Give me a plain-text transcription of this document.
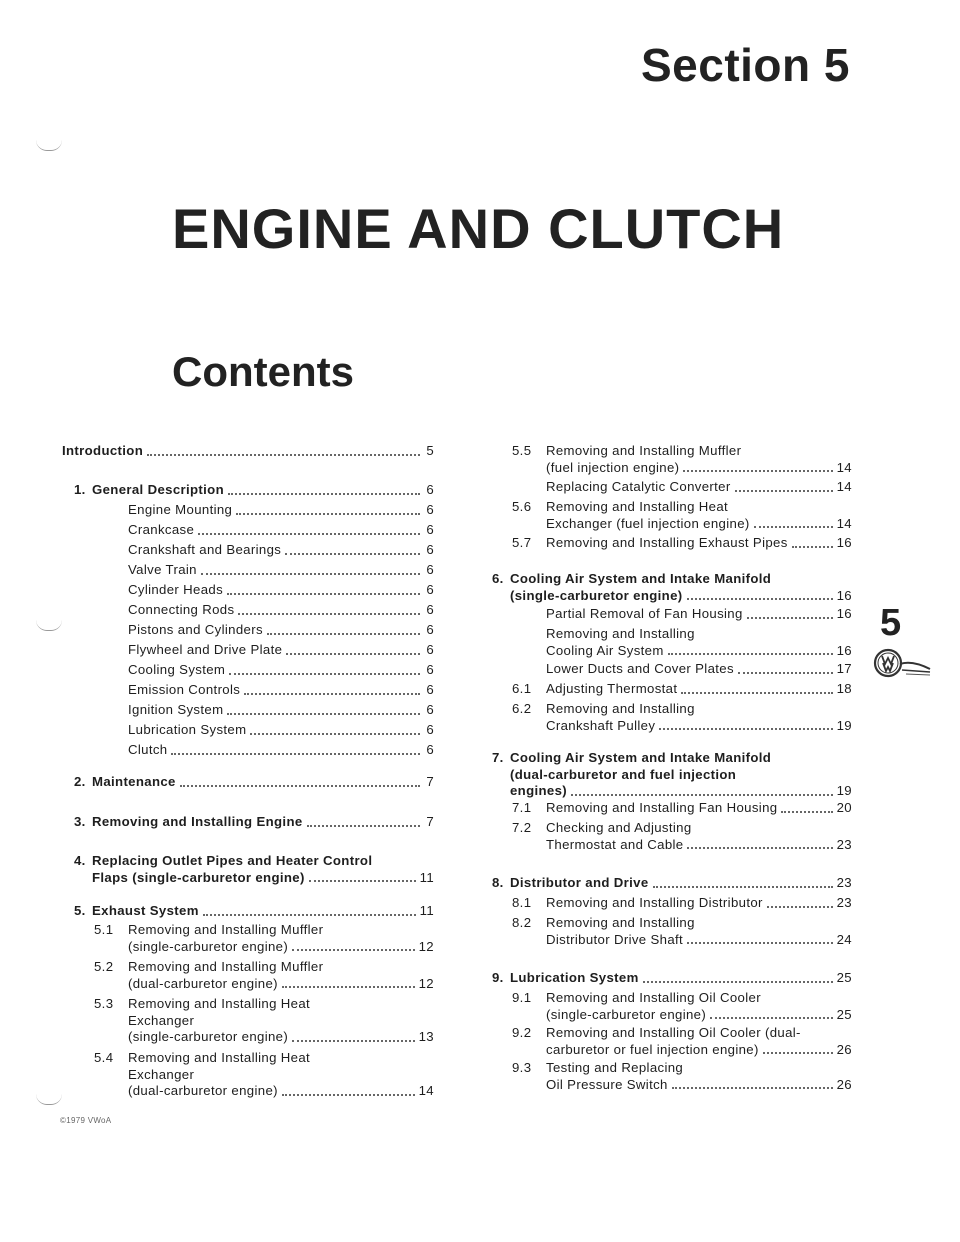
Section 5
ENGINE AND CLUTCH
Contents
Introduction	5
1. General Description	6
Engine Mounting	6
Crankcase	6
Crankshaft and Bearings	6
Valve Train	6
Cylinder Heads	6
Connecting Rods	6
Pistons and Cylinders	6
Flywheel and Drive Plate	6
Cooling System	6
Emission Controls	6
Ignition System	6
Lubrication System	6
Clutch	6
2. Maintenance	7
3. Removing and Installing Engine	7
4. Replacing Outlet Pipes and Heater Control
Flaps (single-carburetor engine)	11
5. Exhaust System	11
5.1 Removing and Installing Muffler
(single-carburetor engine)	12
5.2 Removing and Installing Muffler
(dual-carburetor engine)	12
5.3 Removing and Installing Heat
Exchanger
(single-carburetor engine)	13
5.4 Removing and Installing Heat
Exchanger
(dual-carburetor engine)	14
5.5 Removing and Installing Muffler
(fuel injection engine)	14
Replacing Catalytic Converter	14
5.6 Removing and Installing Heat
Exchanger (fuel injection engine)	14
5.7 Removing and Installing Exhaust Pipes	16
6. Cooling Air System and Intake Manifold
(single-carburetor engine)	16
Partial Removal of Fan Housing	16
Removing and Installing
Cooling Air System	16
Lower Ducts and Cover Plates	17
6.1 Adjusting Thermostat	18
6.2 Removing and Installing
Crankshaft Pulley	19
7. Cooling Air System and Intake Manifold
(dual-carburetor and fuel injection
engines)	19
7.1 Removing and Installing Fan Housing	20
7.2 Checking and Adjusting
Thermostat and Cable	23
8. Distributor and Drive	23
8.1 Removing and Installing Distributor	23
8.2 Removing and Installing
Distributor Drive Shaft	24
9. Lubrication System	25
9.1 Removing and Installing Oil Cooler
(single-carburetor engine)	25
9.2 Removing and Installing Oil Cooler (dual-
carburetor or fuel injection engine)	26
9.3 Testing and Replacing
Oil Pressure Switch	26
5
©1979 VWoA
